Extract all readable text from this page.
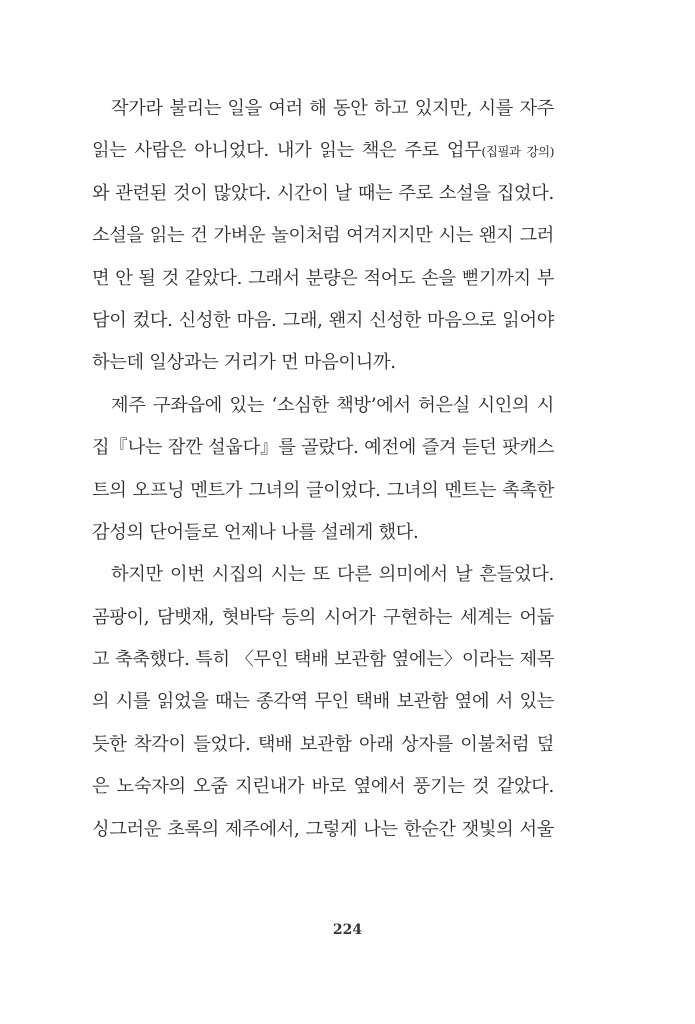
작가라 불리는 일을 여러 해 동안 하고 있지만, 시를 자주
읽는 사람은 아니었다. 내가 읽는 책은 주로 업무(집필과 강의)
와 관련된 것이 많았다. 시간이 날 때는 주로 소설을 집었다.
소설을 읽는 건 가벼운 놀이처럼 여겨지지만 시는 왠지 그러
면 안 될 것 같았다. 그래서 분량은 적어도 손을 뻗기까지 부
담이 컸다. 신성한 마음. 그래, 왠지 신성한 마음으로 읽어야
하는데 일상과는 거리가 먼 마음이니까.
제주 구좌읍에 있는 ‘소심한 책방’에서 허은실 시인의 시
집『나는 잠깐 설웁다』를 골랐다. 예전에 즐겨 듣던 팟캐스
트의 오프닝 멘트가 그녀의 글이었다. 그녀의 멘트는 촉촉한
감성의 단어들로 언제나 나를 설레게 했다.
하지만 이번 시집의 시는 또 다른 의미에서 날 흔들었다.
곰팡이, 담뱃재, 혓바닥 등의 시어가 구현하는 세계는 어둡
고 축축했다. 특히 〈무인 택배 보관함 옆에는〉이라는 제목
의 시를 읽었을 때는 종각역 무인 택배 보관함 옆에 서 있는
듯한 착각이 들었다. 택배 보관함 아래 상자를 이불처럼 덮
은 노숙자의 오줌 지린내가 바로 옆에서 풍기는 것 같았다.
싱그러운 초록의 제주에서, 그렇게 나는 한순간 잿빛의 서울
224
